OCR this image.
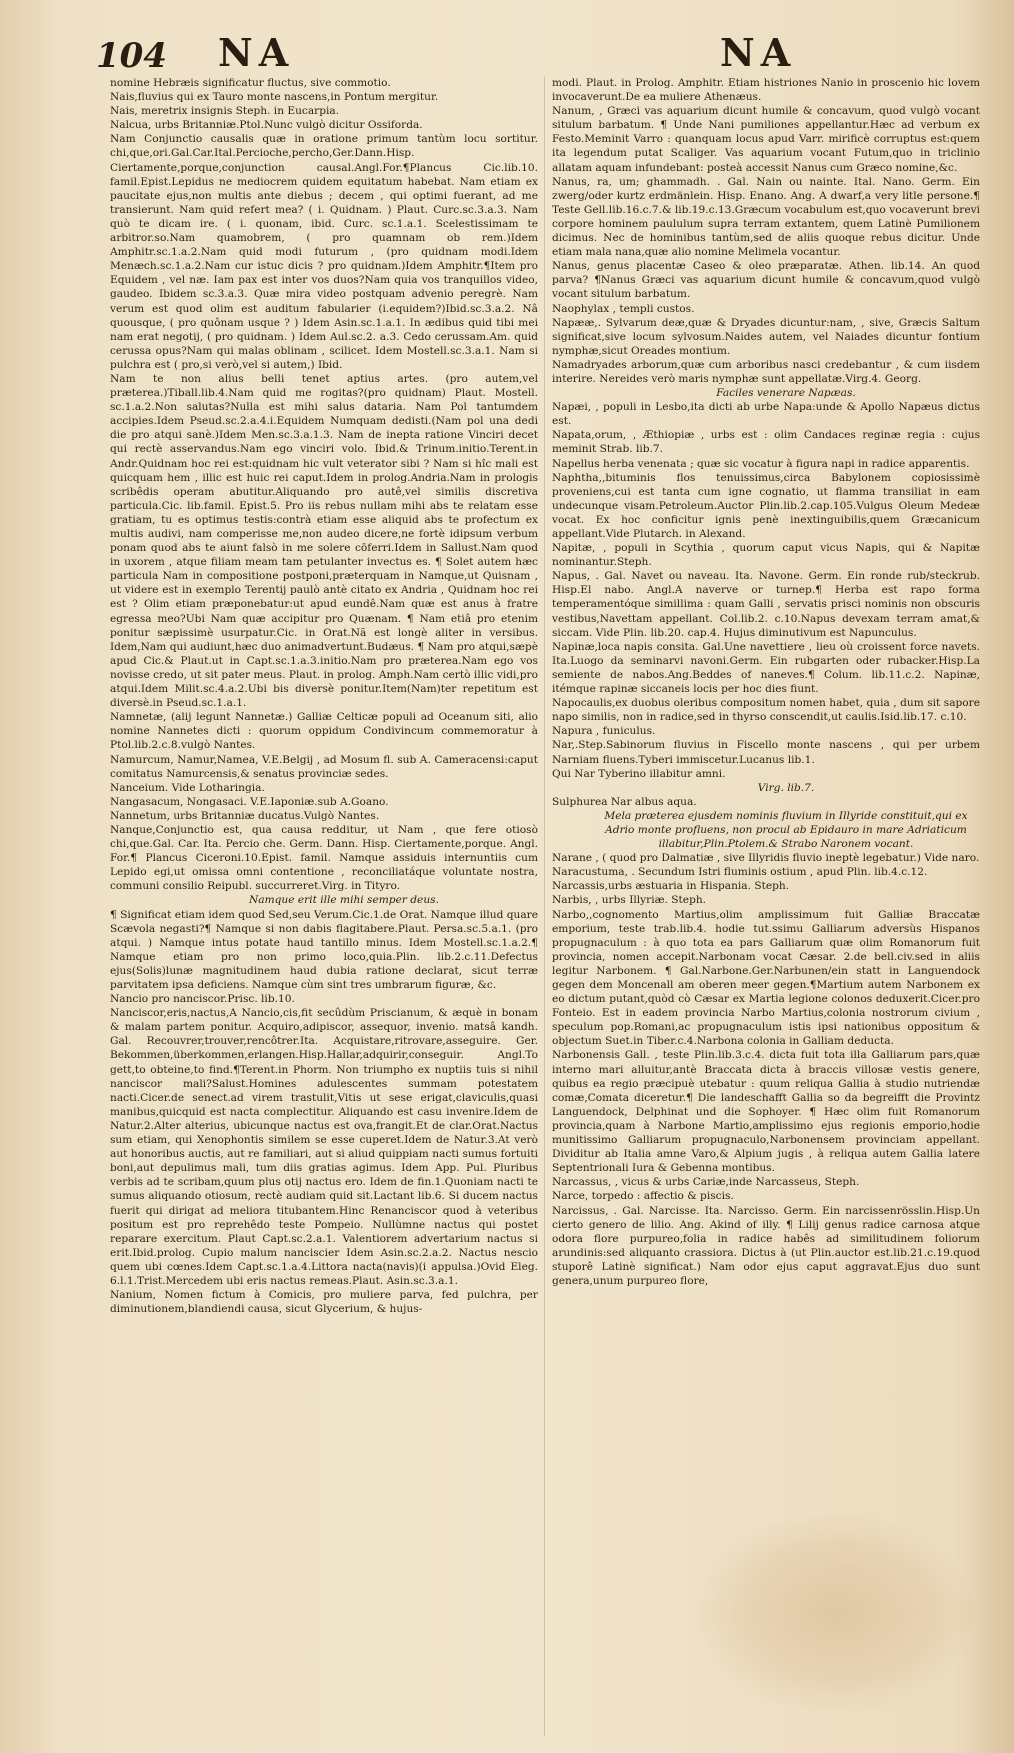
104 NA	NA

nomine Hebræis significatur fluctus, sive commotio.

Nais,fluvius qui ex Tauro monte nascens,in Pontum mergitur.

Nais, meretrix insignis Steph. in Eucarpia.

Nalcua, urbs Britanniæ.Ptol.Nunc vulgò dicitur Ossiforda.

Nam Conjunctio causalis quæ in oratione primum tantùm locu sortitur. chi,que,ori.Gal.Car.Ital.Percioche,percho,Ger.Dann.Hisp. Ciertamente,porque,conjunction causal.Angl.For.¶Plancus Cic.lib.10. famil.Epist.Lepidus ne mediocrem quidem equitatum habebat. Nam etiam ex paucitate ejus,non multis ante diebus ; decem , qui optimi fuerant, ad me transierunt. Nam quid refert mea? ( i. Quidnam. ) Plaut. Curc.sc.3.a.3. Nam quò te dicam ire. ( i. quonam, ibid. Curc. sc.1.a.1. Scelestissimam te arbitror.so.Nam quamobrem, ( pro quamnam ob rem.)Idem Amphitr.sc.1.a.2.Nam quid modi futurum , (pro quidnam modi.Idem Menæch.sc.1.a.2.Nam cur istuc dicis ? pro quidnam.)Idem Amphitr.¶Item pro Equidem , vel næ. Iam pax est inter vos duos?Nam quia vos tranquillos video, gaudeo. Ibidem sc.3.a.3. Quæ mira video postquam advenio peregrè. Nam verum est quod olim est auditum fabularier (i.equidem?)Ibid.sc.3.a.2. Nâ quousque, ( pro quônam usque ? ) Idem Asin.sc.1.a.1. In ædibus quid tibi mei nam erat negotij, ( pro quidnam. ) Idem Aul.sc.2. a.3. Cedo cerussam.Am. quid cerussa opus?Nam qui malas oblinam , scilicet. Idem Mostell.sc.3.a.1. Nam si pulchra est ( pro,si verò,vel si autem,) Ibid.

Nam te non alius belli tenet aptius artes. (pro autem,vel præterea.)Tiball.lib.4.Nam quid me rogitas?(pro quidnam) Plaut. Mostell. sc.1.a.2.Non salutas?Nulla est mihi salus dataria. Nam Pol tantumdem accipies.Idem Pseud.sc.2.a.4.i.Equidem Numquam dedisti.(Nam pol una dedi die pro atqui sanè.)Idem Men.sc.3.a.1.3. Nam de inepta ratione Vinciri decet qui rectè asservandus.Nam ego vinciri volo. Ibid.& Trinum.initio.Terent.in Andr.Quidnam hoc rei est:quidnam hic vult veterator sibi ? Nam si hîc mali est quicquam hem , illic est huic rei caput.Idem in prolog.Andria.Nam in prologis scribêdis operam abutitur.Aliquando pro autê,vel similis discretiva particula.Cic. lib.famil. Epist.5. Pro iis rebus nullam mihi abs te relatam esse gratiam, tu es optimus testis:contrà etiam esse aliquid abs te profectum ex multis audivi, nam comperisse me,non audeo dicere,ne fortè idipsum verbum ponam quod abs te aiunt falsò in me solere cōferri.Idem in Sallust.Nam quod in uxorem , atque filiam meam tam petulanter invectus es. ¶ Solet autem hæc particula Nam in compositione postponi,præterquam in Namque,ut Quisnam , ut videre est in exemplo Terentij paulò antè citato ex Andria , Quidnam hoc rei est ? Olim etiam præponebatur:ut apud eundê.Nam quæ est anus à fratre egressa meo?Ubi Nam quæ accipitur pro Quænam. ¶ Nam etiâ pro etenim ponitur sæpissimè usurpatur.Cic. in Orat.Nã est longè aliter in versibus. Idem,Nam qui audiunt,hæc duo animadvertunt.Budæus. ¶ Nam pro atqui,sæpè apud Cic.& Plaut.ut in Capt.sc.1.a.3.initio.Nam pro præterea.Nam ego vos novisse credo, ut sit pater meus. Plaut. in prolog. Amph.Nam certò illic vidi,pro atqui.Idem Milit.sc.4.a.2.Ubi bis diversè ponitur.Item(Nam)ter repetitum est diversè.in Pseud.sc.1.a.1.

Namnetæ, (alij legunt Nannetæ.) Galliæ Celticæ populi ad Oceanum siti, alio nomine Nannetes dicti : quorum oppidum Condivincum commemoratur à Ptol.lib.2.c.8.vulgò Nantes.

Namurcum, Namur,Namea, V.E.Belgij , ad Mosum fl. sub A. Cameracensi:caput comitatus Namurcensis,& senatus provinciæ sedes.

Nanceium. Vide Lotharingia.

Nangasacum, Nongasaci. V.E.Iaponiæ.sub A.Goano.

Nannetum, urbs Britanniæ ducatus.Vulgò Nantes.

Nanque,Conjunctio est, qua causa redditur, ut Nam , que fere otiosò chi,que.Gal. Car. Ita. Percio che. Germ. Dann. Hisp. Ciertamente,porque. Angl. For.¶ Plancus Ciceroni.10.Epist. famil. Namque assiduis internuntiis cum Lepido egi,ut omissa omni contentione , reconciliatáque voluntate nostra, communi consilio Reipubl. succurreret.Virg. in Tityro.

Namque erit ille mihi semper deus.

¶ Significat etiam idem quod Sed,seu Verum.Cic.1.de Orat. Namque illud quare Scævola negasti?¶ Namque si non dabis flagitabere.Plaut. Persa.sc.5.a.1. (pro atqui. ) Namque intus potate haud tantillo minus. Idem Mostell.sc.1.a.2.¶ Namque etiam pro non primo loco,quia.Plin. lib.2.c.11.Defectus ejus(Solis)lunæ magnitudinem haud dubia ratione declarat, sicut terræ parvitatem ipsa deficiens. Namque cùm sint tres umbrarum figuræ, &c.

Nancio pro nanciscor.Prisc. lib.10.

Nanciscor,eris,nactus,A Nancio,cis,fit secûdùm Priscianum, & æquè in bonam & malam partem ponitur. Acquiro,adipiscor, assequor, invenio. matsâ kandh. Gal. Recouvrer,trouver,rencôtrer.Ita. Acquistare,ritrovare,asseguire. Ger. Bekommen,überkommen,erlangen.Hisp.Hallar,adquirir,conseguir. Angl.To gett,to obteine,to find.¶Terent.in Phorm. Non triumpho ex nuptiis tuis si nihil nanciscor mali?Salust.Homines adulescentes summam potestatem nacti.Cicer.de senect.ad virem trastulit,Vitis ut sese erigat,claviculis,quasi manibus,quicquid est nacta complectitur. Aliquando est casu invenire.Idem de Natur.2.Alter alterius, ubicunque nactus est ova,frangit.Et de clar.Orat.Nactus sum etiam, qui Xenophontis similem se esse cuperet.Idem de Natur.3.At verò aut honoribus auctis, aut re familiari, aut si aliud quippiam nacti sumus fortuiti boni,aut depulimus mali, tum diis gratias agimus. Idem App. Pul. Pluribus verbis ad te scribam,quum plus otij nactus ero. Idem de fin.1.Quoniam nacti te sumus aliquando otiosum, rectè audiam quid sit.Lactant lib.6. Si ducem nactus fuerit qui dirigat ad meliora titubantem.Hinc Renanciscor quod à veteribus positum est pro reprehêdo teste Pompeio. Nullùmne nactus qui postet reparare exercitum. Plaut Capt.sc.2.a.1. Valentiorem advertarium nactus si erit.Ibid.prolog. Cupio malum nanciscier Idem Asin.sc.2.a.2. Nactus nescio quem ubi cœnes.Idem Capt.sc.1.a.4.Littora nacta(navis)(i appulsa.)Ovid Eleg. 6.l.1.Trist.Mercedem ubi eris nactus remeas.Plaut. Asin.sc.3.a.1.

Nanium, Nomen fictum à Comicis, pro muliere parva, fed pulchra, per diminutionem,blandiendi causa, sicut Glycerium, & hujus-

modi. Plaut. in Prolog. Amphitr. Etiam histriones Nanio in proscenio hic lovem invocaverunt.De ea muliere Athenæus.

Nanum, , Græci vas aquarium dicunt humile & concavum, quod vulgò vocant situlum barbatum. ¶ Unde Nani pumiliones appellantur.Hæc ad verbum ex Festo.Meminit Varro : quanquam locus apud Varr. mirificè corruptus est:quem ita legendum putat Scaliger. Vas aquarium vocant Futum,quo in triclinio allatam aquam infundebant: posteà accessit Nanus cum Græco nomine,&c.

Nanus, ra, um; ghammadh. . Gal. Nain ou nainte. Ital. Nano. Germ. Ein zwerg/oder kurtz erdmänlein. Hisp. Enano. Ang. A dwarf,a very litle persone.¶ Teste Gell.lib.16.c.7.& lib.19.c.13.Græcum vocabulum est,quo vocaverunt brevi corpore hominem paululum supra terram extantem, quem Latinè Pumilionem dicimus. Nec de hominibus tantùm,sed de aliis quoque rebus dicitur. Unde etiam mala nana,quæ alio nomine Melimela vocantur.

Nanus, genus placentæ Caseo & oleo præparatæ. Athen. lib.14. An quod parva? ¶Nanus Græci vas aquarium dicunt humile & concavum,quod vulgò vocant situlum barbatum.

Naophylax , templi custos.

Napææ,. Sylvarum deæ,quæ & Dryades dicuntur:nam, , sive, Græcis Saltum significat,sive locum sylvosum.Naides autem, vel Naiades dicuntur fontium nymphæ,sicut Oreades montium.

Namadryades arborum,quæ cum arboribus nasci credebantur , & cum iisdem interire. Nereides verò maris nymphæ sunt appellatæ.Virg.4. Georg.

Faciles venerare Napæas.

Napæi, , populi in Lesbo,ita dicti ab urbe Napa:unde & Apollo Napæus dictus est.

Napata,orum, , Æthiopiæ , urbs est : olim Candaces reginæ regia : cujus meminit Strab. lib.7.

Napellus herba venenata ; quæ sic vocatur à figura napi in radice apparentis.

Naphtha,,bituminis flos tenuissimus,circa Babylonem copiosissimè proveniens,cui est tanta cum igne cognatio, ut flamma transiliat in eam undecunque visam.Petroleum.Auctor Plin.lib.2.cap.105.Vulgus Oleum Medeæ vocat. Ex hoc conficitur ignis penè inextinguibilis,quem Græcanicum appellant.Vide Plutarch. in Alexand.

Napitæ, , populi in Scythia , quorum caput vicus Napis, qui & Napitæ nominantur.Steph.

Napus, . Gal. Navet ou naveau. Ita. Navone. Germ. Ein ronde rub/steckrub. Hisp.El nabo. Angl.A naverve or turnep.¶ Herba est rapo forma temperamentóque simillima : quam Galli , servatis prisci nominis non obscuris vestibus,Navettam appellant. Col.lib.2. c.10.Napus devexam terram amat,& siccam. Vide Plin. lib.20. cap.4. Hujus diminutivum est Napunculus.

Napinæ,loca napis consita. Gal.Une navettiere , lieu où croissent force navets. Ita.Luogo da seminarvi navoni.Germ. Ein rubgarten oder rubacker.Hisp.La semiente de nabos.Ang.Beddes of naneves.¶ Colum. lib.11.c.2. Napinæ, itémque rapinæ siccaneis locis per hoc dies fiunt.

Napocaulis,ex duobus oleribus compositum nomen habet, quia , dum sit sapore napo similis, non in radice,sed in thyrso conscendit,ut caulis.Isid.lib.17. c.10.

Napura , funiculus.

Nar,.Step.Sabinorum fluvius in Fiscello monte nascens , qui per urbem Narniam fluens.Tyberi immiscetur.Lucanus lib.1.

Qui Nar Tyberino illabitur amni.

Virg. lib.7.

Sulphurea Nar albus aqua.

Mela præterea ejusdem nominis fluvium in Illyride constituit,qui ex Adrio monte profluens, non procul ab Epidauro in mare Adriaticum illabitur,Plin.Ptolem.& Strabo Naronem vocant.

Narane , ( quod pro Dalmatiæ , sive Illyridis fluvio ineptè legebatur.) Vide naro.

Naracustuma, . Secundum Istri fluminis ostium , apud Plin. lib.4.c.12.

Narcassis,urbs æstuaria in Hispania. Steph.

Narbis, , urbs Illyriæ. Steph.

Narbo,,cognomento Martius,olim amplissimum fuit Galliæ Braccatæ emporium, teste trab.lib.4. hodie tut.ssimu Galliarum adversùs Hispanos propugnaculum : à quo tota ea pars Galliarum quæ olim Romanorum fuit provincia, nomen accepit.Narbonam vocat Cæsar. 2.de bell.civ.sed in aliis legitur Narbonem. ¶ Gal.Narbone.Ger.Narbunen/ein statt in Languendock gegen dem Moncenall am oberen meer gegen.¶Martium autem Narbonem ex eo dictum putant,quòd cò Cæsar ex Martia legione colonos deduxerit.Cicer.pro Fonteio. Est in eadem provincia Narbo Martius,colonia nostrorum civium , speculum pop.Romani,ac propugnaculum istis ipsi nationibus oppositum & objectum Suet.in Tiber.c.4.Narbona colonia in Galliam deducta.

Narbonensis Gall. , teste Plin.lib.3.c.4. dicta fuit tota illa Galliarum pars,quæ interno mari alluitur,antè Braccata dicta à braccis villosæ vestis genere, quibus ea regio præcipuè utebatur : quum reliqua Gallia à studio nutriendæ comæ,Comata diceretur.¶ Die landeschafft Gallia so da begreifft die Provintz Languendock, Delphinat und die Sophoyer. ¶ Hæc olim fuit Romanorum provincia,quam à Narbone Martio,amplissimo ejus regionis emporio,hodie munitissimo Galliarum propugnaculo,Narbonensem provinciam appellant. Dividitur ab Italia amne Varo,& Alpium jugis , à reliqua autem Gallia latere Septentrionali Iura & Gebenna montibus.

Narcassus, , vicus & urbs Cariæ,inde Narcasseus, Steph.

Narce, torpedo : affectio & piscis.

Narcissus, . Gal. Narcisse. Ita. Narcisso. Germ. Ein narcissenrösslin.Hisp.Un cierto genero de lilio. Ang. Akind of illy. ¶ Lilij genus radice carnosa atque odora flore purpureo,folia in radice habês ad similitudinem foliorum arundinis:sed aliquanto crassiora. Dictus à (ut Plin.auctor est.lib.21.c.19.quod stuporê Latinè significat.) Nam odor ejus caput aggravat.Ejus duo sunt genera,unum purpureo flore,
